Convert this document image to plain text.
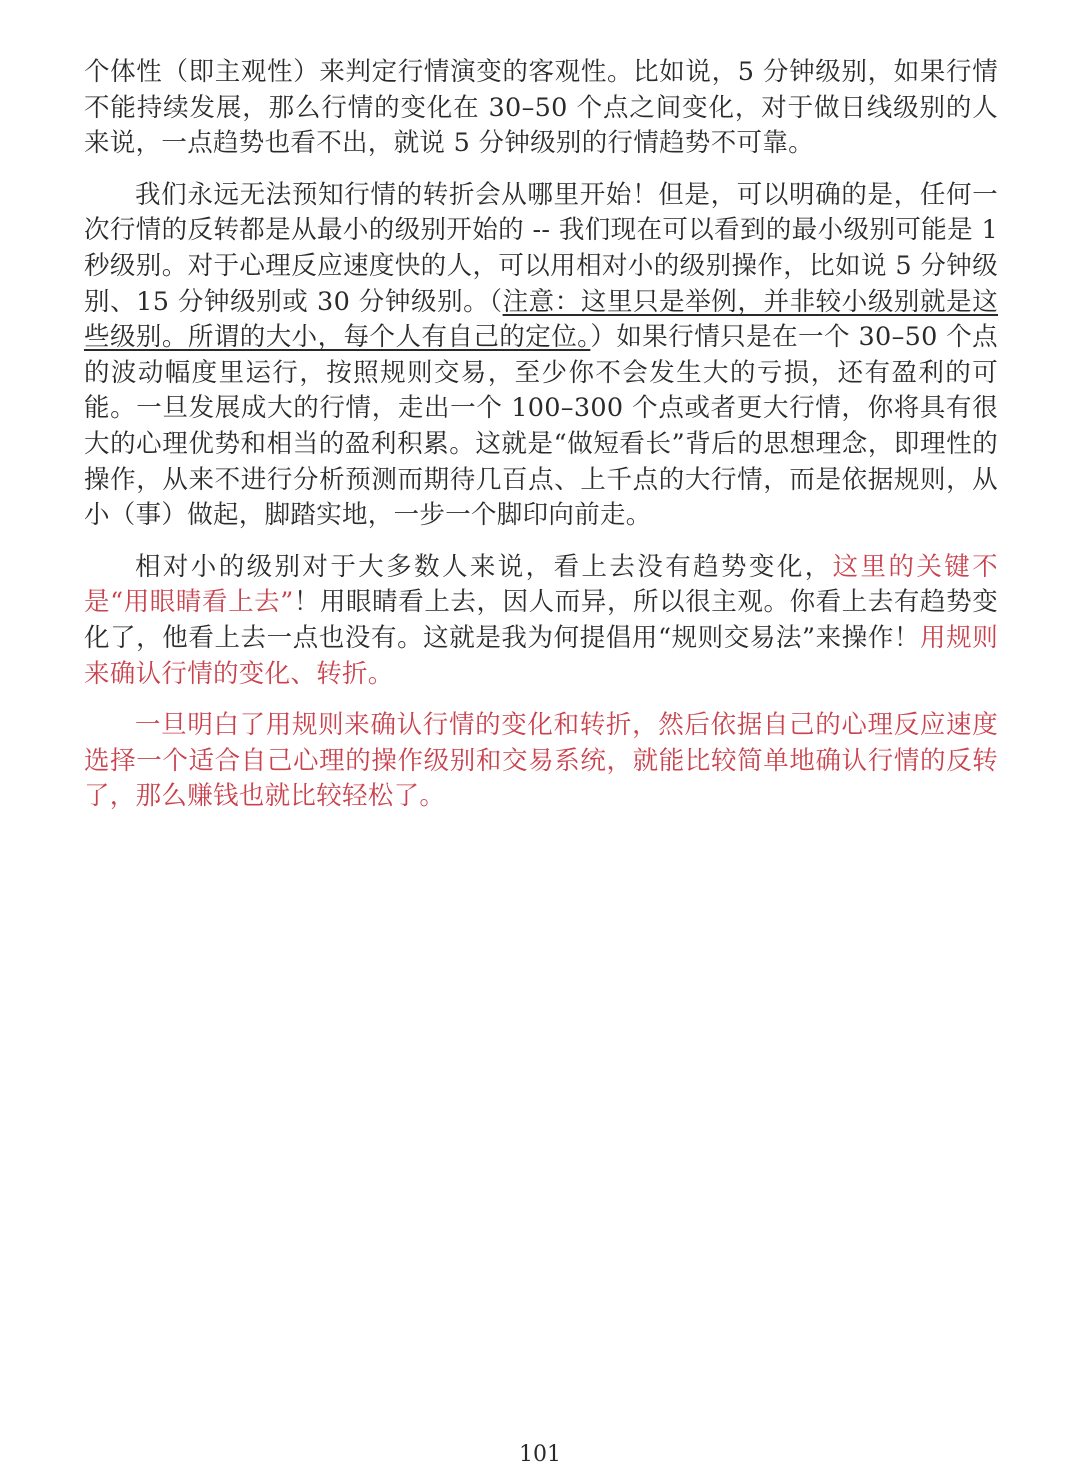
个体性（即主观性）来判定行情演变的客观性。比如说，5 分钟级别，如果行情不能持续发展，那么行情的变化在 30–50 个点之间变化，对于做日线级别的人来说，一点趋势也看不出，就说 5 分钟级别的行情趋势不可靠。

我们永远无法预知行情的转折会从哪里开始！但是，可以明确的是，任何一次行情的反转都是从最小的级别开始的 -- 我们现在可以看到的最小级别可能是 1 秒级别。对于心理反应速度快的人，可以用相对小的级别操作，比如说 5 分钟级别、15 分钟级别或 30 分钟级别。（注意：这里只是举例，并非较小级别就是这些级别。所谓的大小，每个人有自己的定位。）如果行情只是在一个 30–50 个点的波动幅度里运行，按照规则交易，至少你不会发生大的亏损，还有盈利的可能。一旦发展成大的行情，走出一个 100–300 个点或者更大行情，你将具有很大的心理优势和相当的盈利积累。这就是“做短看长”背后的思想理念，即理性的操作，从来不进行分析预测而期待几百点、上千点的大行情，而是依据规则，从小（事）做起，脚踏实地，一步一个脚印向前走。

相对小的级别对于大多数人来说，看上去没有趋势变化，这里的关键不是“用眼睛看上去”！用眼睛看上去，因人而异，所以很主观。你看上去有趋势变化了，他看上去一点也没有。这就是我为何提倡用“规则交易法”来操作！用规则来确认行情的变化、转折。

一旦明白了用规则来确认行情的变化和转折，然后依据自己的心理反应速度选择一个适合自己心理的操作级别和交易系统，就能比较简单地确认行情的反转了，那么赚钱也就比较轻松了。

101
